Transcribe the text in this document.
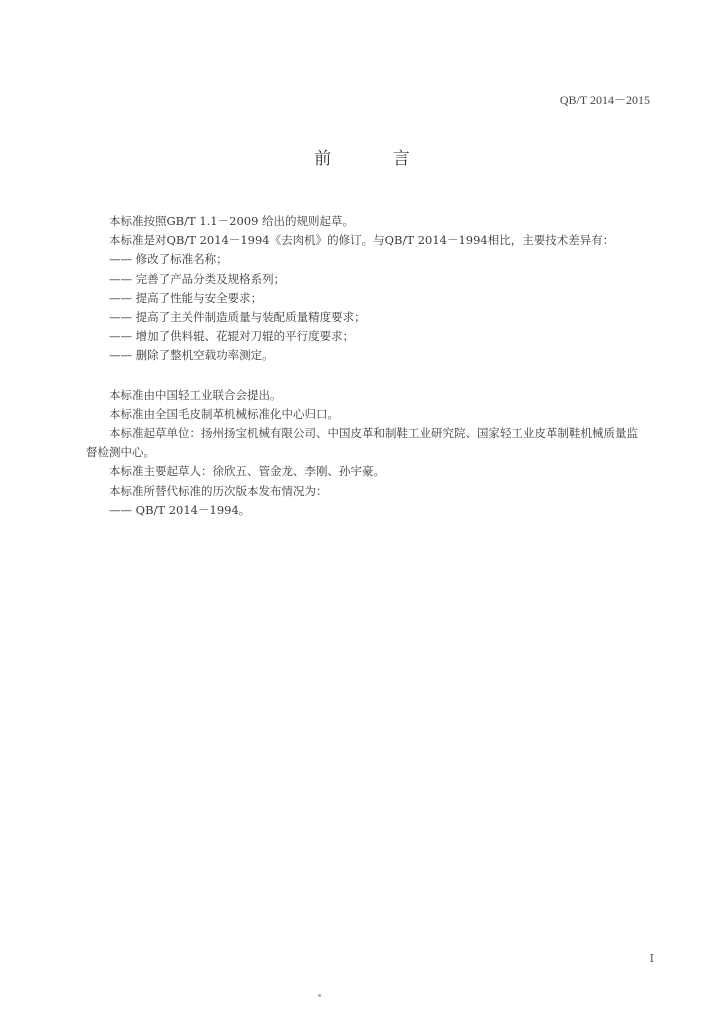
QB/T 2014－2015
前 言

本标准按照GB/T 1.1－2009 给出的规则起草。

本标准是对QB/T 2014－1994《去肉机》的修订。与QB/T 2014－1994相比，主要技术差异有：

—— 修改了标准名称；

—— 完善了产品分类及规格系列；

—— 提高了性能与安全要求；

—— 提高了主关件制造质量与装配质量精度要求；

—— 增加了供料辊、花辊对刀辊的平行度要求；

—— 删除了整机空载功率测定。

本标准由中国轻工业联合会提出。

本标准由全国毛皮制革机械标准化中心归口。

本标准起草单位：扬州扬宝机械有限公司、中国皮革和制鞋工业研究院、国家轻工业皮革制鞋机械质量监督检测中心。

本标准主要起草人：徐欣五、管金龙、李刚、孙宇豪。

本标准所替代标准的历次版本发布情况为：

—— QB/T 2014－1994。

I
